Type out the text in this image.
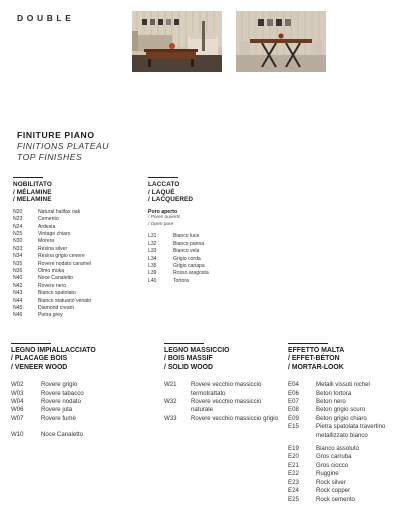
DOUBLE
FINITURE PIANO
FINITIONS PLATEAU
TOP FINISHES
NOBILITATO
/ MÉLAMINE
/ MELAMINE
N20	Natural halifax oak
N23	Cemento
N24	Ardesia
N25	Vintage chiaro
N30	Morera
N33	Resina silver
N34	Resina grigio cenere
N35	Rovere nodato caramel
N36	Olmo moka
N40	Noce Canaletto
N42	Rovere nero
N43	Bianco spatolato
N44	Bianco statuario venato
N45	Diamond cream
N46	Pietra grey
LACCATO
/ LAQUÉ
/ LACQUERED
Poro aperto
/ Pores ouverts
/ Open pore
L31	Bianco luce
L32	Bianco panna
L33	Bianco vela
L34	Grigio corda
L35	Grigio canapa
L39	Rosso aragosta
L40	Tortora
LEGNO IMPIALLACCIATO
/ PLACAGE BOIS
/ VENEER WOOD
W02	Rovere grigio
W03	Rovere tabacco
W04	Rovere nodato
W06	Rovere juta
W07	Rovere fumè
W10	Noce Canaletto
LEGNO MASSICCIO
/ BOIS MASSIF
/ SOLID WOOD
W21	Rovere vecchio massiccio termotrattato
W32	Rovere vecchio massiccio naturale
W33	Rovere vecchio massiccio grigio
EFFETTO MALTA
/ EFFET-BÉTON
/ MORTAR-LOOK
E04	Metalli vissuti nichel
E06	Beton tortora
E07	Beton nero
E08	Beton grigio scuro
E09	Beton grigio chiaro
E15	Pietra spatolata travertino metallizzato bianco
E19	Bianco assoluto
E20	Gros carruba
E21	Gros ciocco
E22	Ruggine
E23	Rock silver
E24	Rock copper
E25	Rock cemento
